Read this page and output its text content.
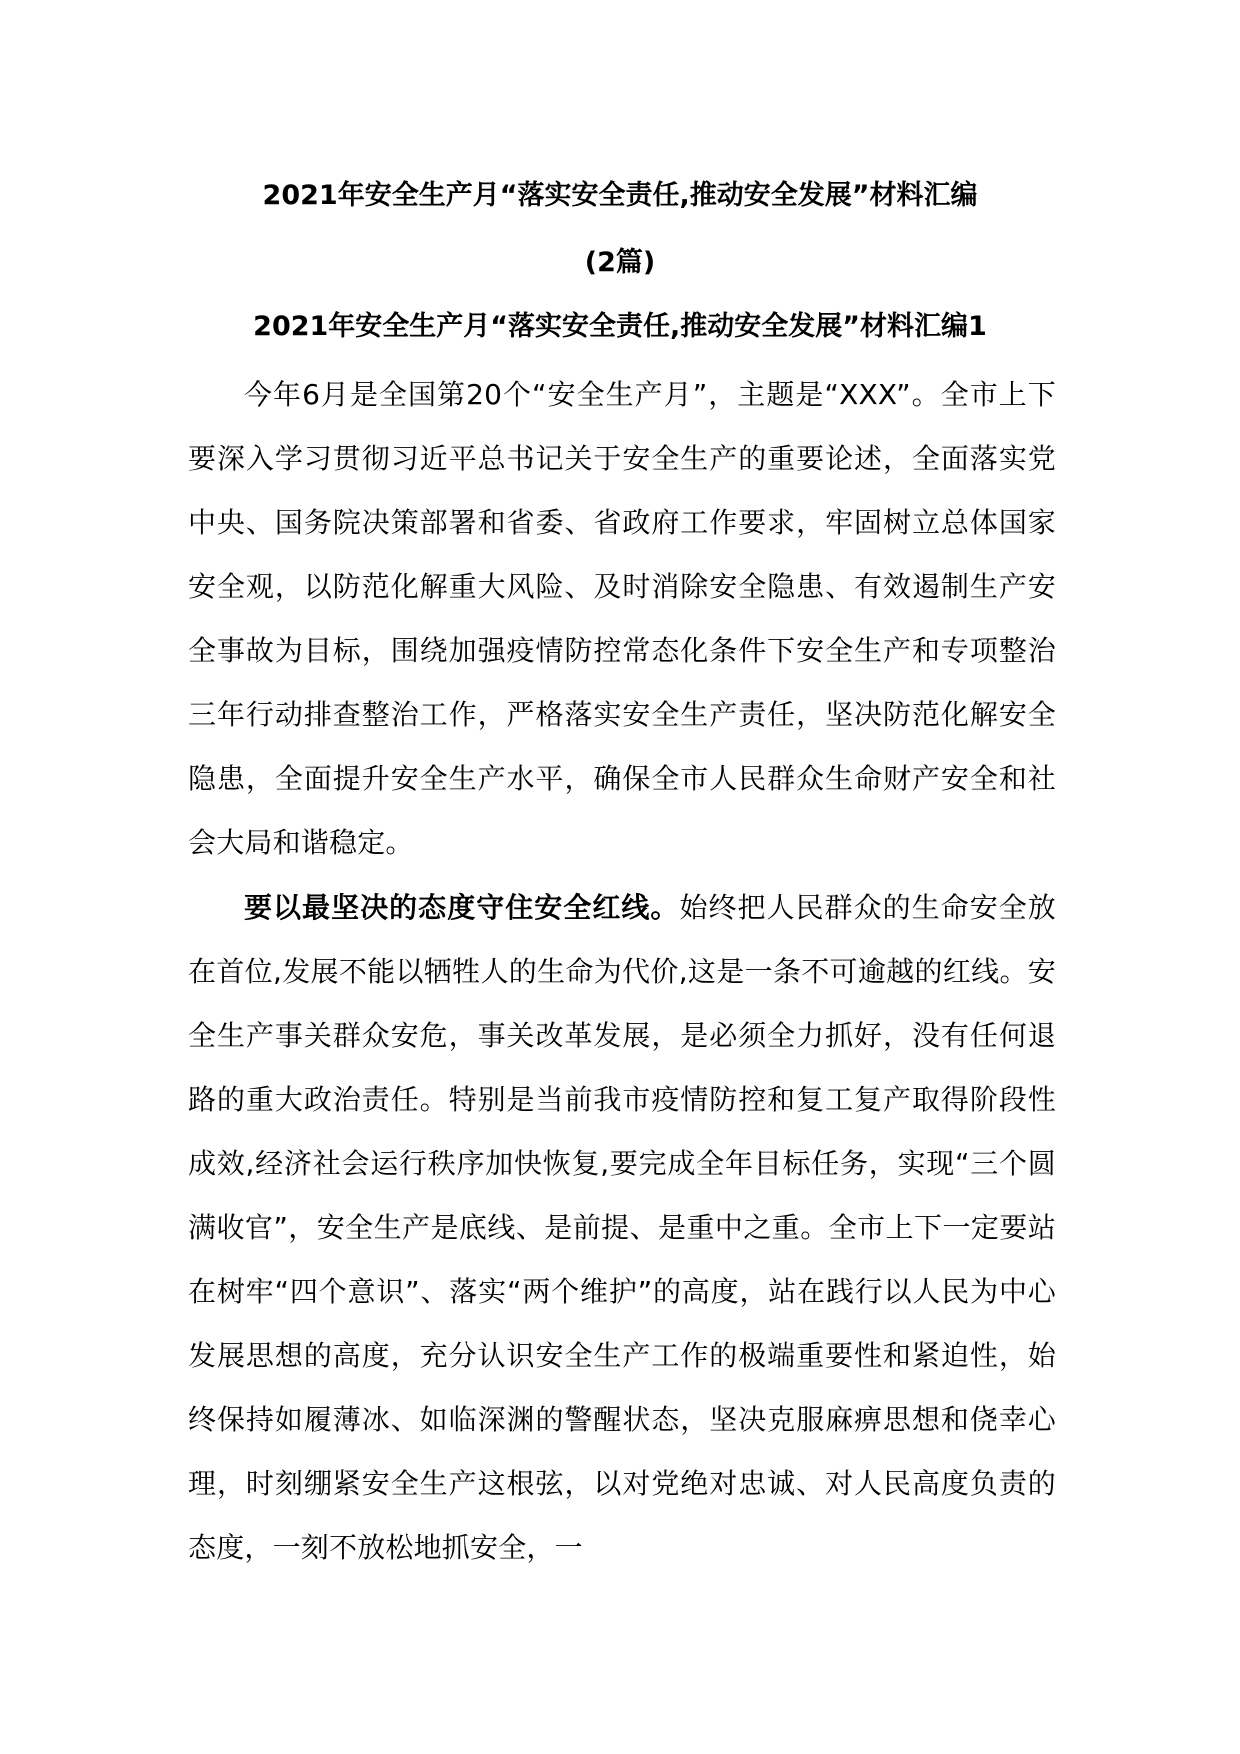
2021年安全生产月“落实安全责任,推动安全发展”材料汇编
(2篇)
2021年安全生产月“落实安全责任,推动安全发展”材料汇编1

今年6月是全国第20个“安全生产月”，主题是“XXX”。全市上下要深入学习贯彻习近平总书记关于安全生产的重要论述，全面落实党中央、国务院决策部署和省委、省政府工作要求，牢固树立总体国家安全观，以防范化解重大风险、及时消除安全隐患、有效遏制生产安全事故为目标，围绕加强疫情防控常态化条件下安全生产和专项整治三年行动排查整治工作，严格落实安全生产责任，坚决防范化解安全隐患，全面提升安全生产水平，确保全市人民群众生命财产安全和社会大局和谐稳定。

要以最坚决的态度守住安全红线。始终把人民群众的生命安全放在首位,发展不能以牺牲人的生命为代价,这是一条不可逾越的红线。安全生产事关群众安危，事关改革发展，是必须全力抓好，没有任何退路的重大政治责任。特别是当前我市疫情防控和复工复产取得阶段性成效,经济社会运行秩序加快恢复,要完成全年目标任务，实现“三个圆满收官”，安全生产是底线、是前提、是重中之重。全市上下一定要站在树牢“四个意识”、落实“两个维护”的高度，站在践行以人民为中心发展思想的高度，充分认识安全生产工作的极端重要性和紧迫性，始终保持如履薄冰、如临深渊的警醒状态，坚决克服麻痹思想和侥幸心理，时刻绷紧安全生产这根弦，以对党绝对忠诚、对人民高度负责的态度，一刻不放松地抓安全，一
